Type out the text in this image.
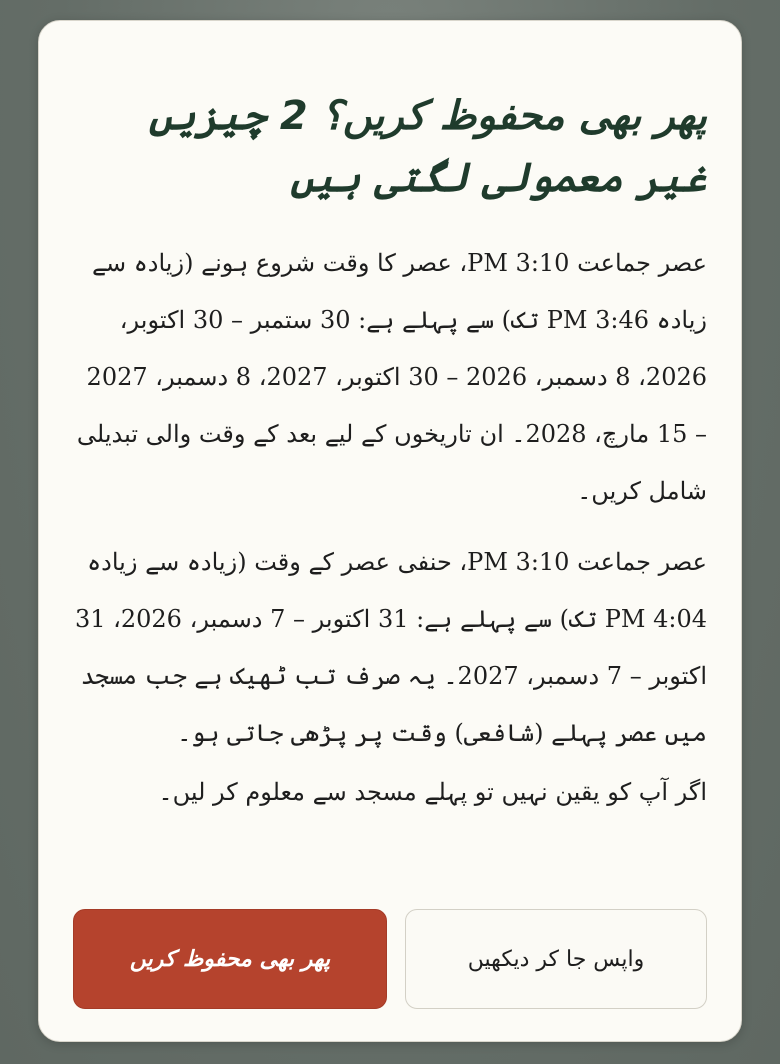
پھر بھی محفوظ کریں؟ 2 چیزیں غیر معمولی لگتی ہیں

عصر جماعت 3:10 PM، عصر کا وقت شروع ہونے (زیادہ سے زیادہ 3:46 PM تک) سے پہلے ہے: 30 ستمبر – 30 اکتوبر، 2026، 8 دسمبر، 2026 – 30 اکتوبر، 2027، 8 دسمبر، 2027 – 15 مارچ، 2028۔ ان تاریخوں کے لیے بعد کے وقت والی تبدیلی شامل کریں۔

عصر جماعت 3:10 PM، حنفی عصر کے وقت (زیادہ سے زیادہ 4:04 PM تک) سے پہلے ہے: 31 اکتوبر – 7 دسمبر، 2026، 31 اکتوبر – 7 دسمبر، 2027۔ یہ صرف تب ٹھیک ہے جب مسجد میں عصر پہلے (شافعی) وقت پر پڑھی جاتی ہو۔

اگر آپ کو یقین نہیں تو پہلے مسجد سے معلوم کر لیں۔

پھر بھی محفوظ کریں	واپس جا کر دیکھیں
